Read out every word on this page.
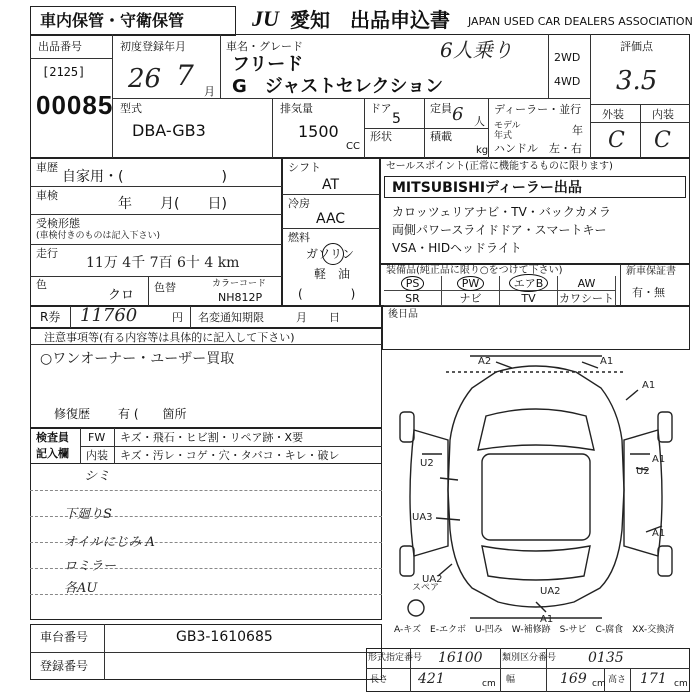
車内保管・守衛保管	JU 愛知 出品申込書 JAPAN USED CAR DEALERS ASSOCIATION
出品番号
[2125]
00085
初度登録年月
26 7 月
車名・グレード
フリード
G　ジャストセレクション
6人乗り	2WD
4WD
評価点
3.5
外装	内装
C C
型式
DBA-GB3
排気量
1500
CC
ドア
5
形状
定員 6 人
積載
kg
ディーラー・並行
モデル年式	年
ハンドル　左・右
車歴
自家用・(　　　　　　　)
車検
年　　月(　　日)
受検形態
(車検付きのものは記入下さい)
走行
11万 4千 7百 6十 4 km
色
クロ
色替	カラーコード
NH812P
シフト
AT
冷房
AAC
燃料
ガソリン
軽　油
(　　　　)
セールスポイント(正常に機能するものに限ります)
MITSUBISHIディーラー出品
カロッツェリアナビ・TV・バックカメラ
両側パワースライドドア・スマートキー
VSA・HIDヘッドライト
装備品(純正品に限り○をつけて下さい)
PS	PW	エアB	AW
SR	ナビ	TV カワシート
新車保証書
有・無
R券 11760	円 名変通知期限	月　　日	後日品
注意事項等(有る内容等は具体的に記入して下さい)
○ワンオーナー・ユーザー買取
修復歴 有 (　　箇所
検査員
記入欄
FW キズ・飛石・ヒビ割・リペア跡・X要
内装 キズ・汚レ・コゲ・穴・タバコ・キレ・破レ
シミ
下廻りS
オイルにじみ A
ロミラー
各AU
A2	A1
A1
A1
U2
U2
UA3
A1
UA2
UA2
A1
スペア
A-キズ　E-エクボ　U-凹み　W-補修跡　S-サビ　C-腐食　XX-交換済
車台番号	GB3-1610685
登録番号
形式指定番号 16100 類別区分番号 0135
長さ 421	cm 幅	169 cm 高さ 171 cm
